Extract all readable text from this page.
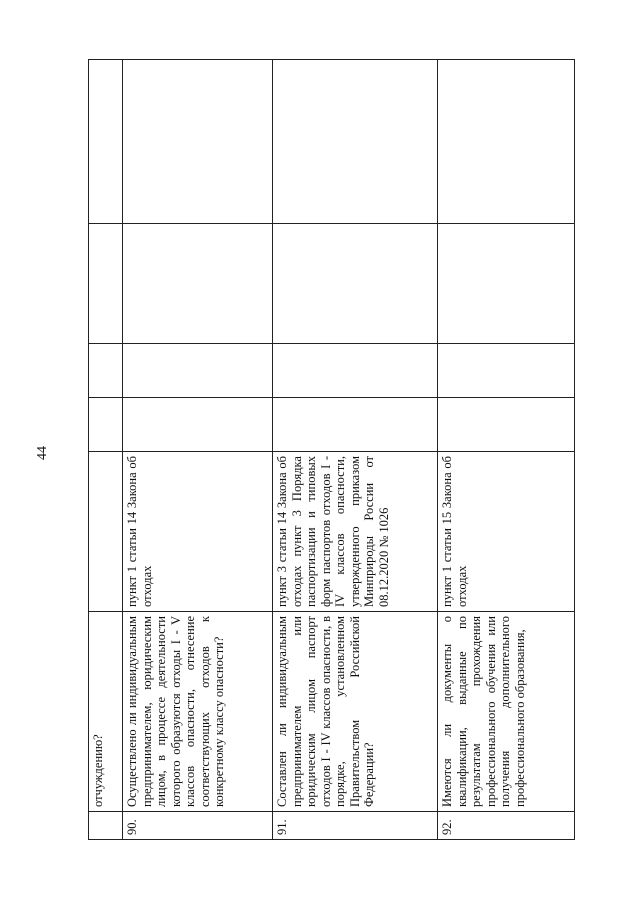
44
	отчуждению?					
90.	Осуществлено ли индивидуальным предпринимателем, юридическим лицом, в процессе деятельности которого образуются отходы I - V классов опасности, отнесение соответствующих отходов к конкретному классу опасности?	пункт 1 статьи 14 Закона об отходах				
91.	Составлен ли индивидуальным предпринимателем или юридическим лицом паспорт отходов I - IV классов опасности, в порядке, установленном Правительством Российской Федерации?	пункт 3 статьи 14 Закона об отходах пункт 3 Порядка паспортизации и типовых форм паспортов отходов I - IV классов опасности, утвержденного приказом Минприроды России от 08.12.2020 № 1026				
92.	Имеются ли документы о квалификации, выданные по результатам прохождения профессионального обучения или получения дополнительного профессионального образования,	пункт 1 статьи 15 Закона об отходах				
